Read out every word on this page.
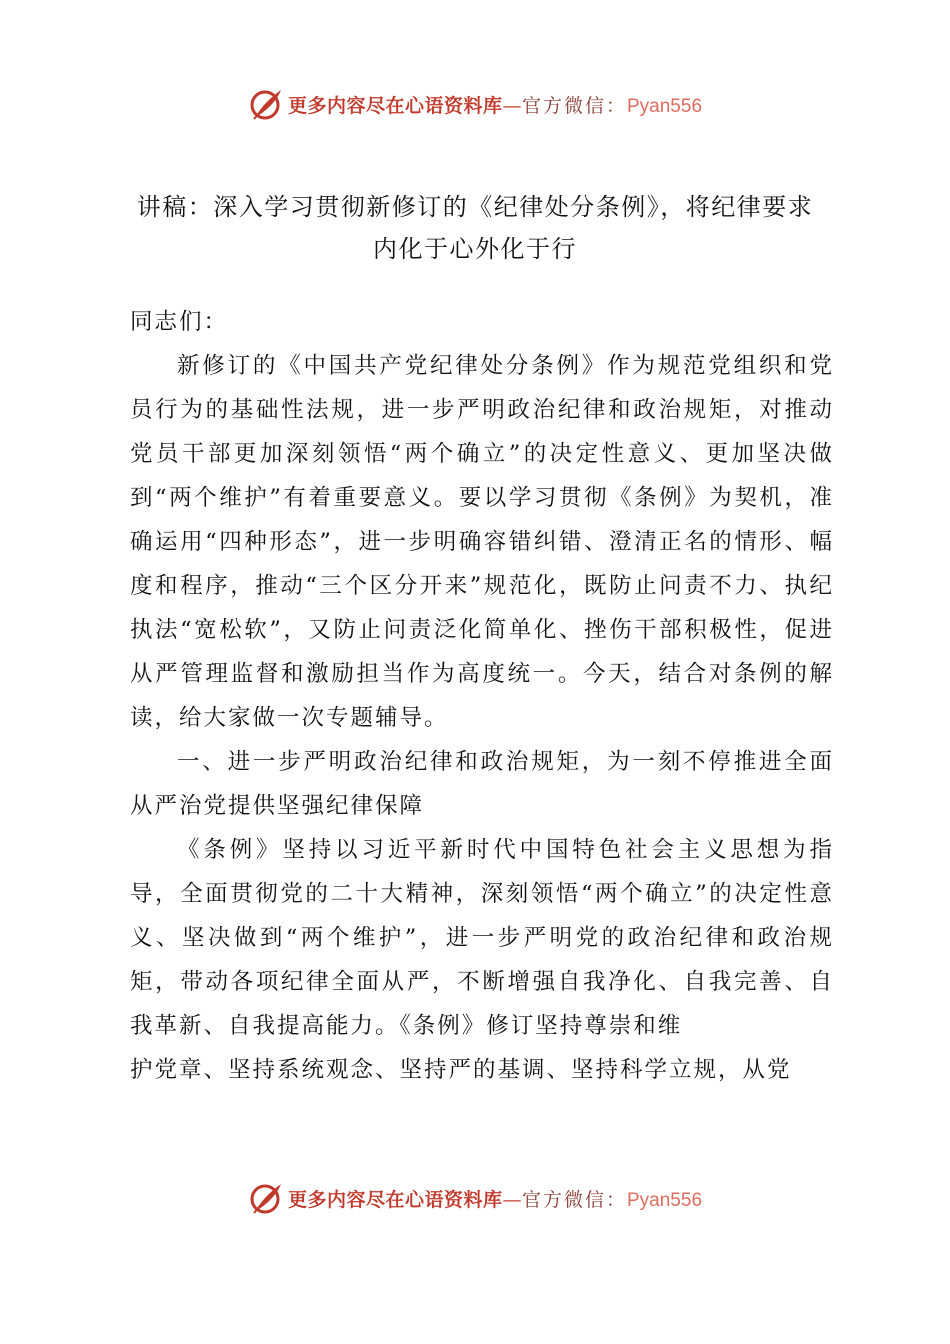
更多内容尽在心语资料库—官方微信：Pyan556
讲稿：深入学习贯彻新修订的《纪律处分条例》，将纪律要求
内化于心外化于行

同志们：

新修订的《中国共产党纪律处分条例》作为规范党组织和党员行为的基础性法规，进一步严明政治纪律和政治规矩，对推动党员干部更加深刻领悟“两个确立”的决定性意义、更加坚决做到“两个维护”有着重要意义。要以学习贯彻《条例》为契机，准确运用“四种形态”，进一步明确容错纠错、澄清正名的情形、幅度和程序，推动“三个区分开来”规范化，既防止问责不力、执纪执法“宽松软”，又防止问责泛化简单化、挫伤干部积极性，促进从严管理监督和激励担当作为高度统一。今天，结合对条例的解读，给大家做一次专题辅导。

一、进一步严明政治纪律和政治规矩，为一刻不停推进全面从严治党提供坚强纪律保障

《条例》坚持以习近平新时代中国特色社会主义思想为指导，全面贯彻党的二十大精神，深刻领悟“两个确立”的决定性意义、坚决做到“两个维护”，进一步严明党的政治纪律和政治规矩，带动各项纪律全面从严，不断增强自我净化、自我完善、自我革新、自我提高能力。《条例》修订坚持尊崇和维

护党章、坚持系统观念、坚持严的基调、坚持科学立规，从党

更多内容尽在心语资料库—官方微信：Pyan556
